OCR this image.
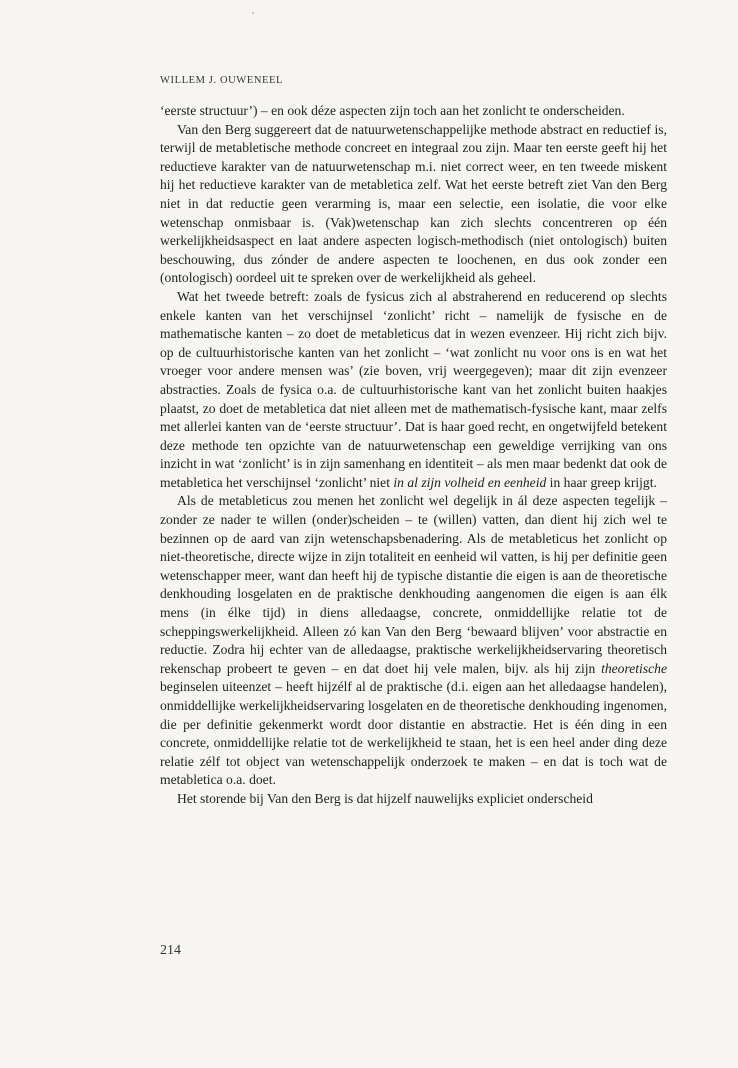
WILLEM J. OUWENEEL

‘eerste structuur’) – en ook déze aspecten zijn toch aan het zonlicht te onderscheiden.

Van den Berg suggereert dat de natuurwetenschappelijke methode abstract en reductief is, terwijl de metabletische methode concreet en integraal zou zijn. Maar ten eerste geeft hij het reductieve karakter van de natuurwetenschap m.i. niet correct weer, en ten tweede miskent hij het reductieve karakter van de metabletica zelf. Wat het eerste betreft ziet Van den Berg niet in dat reductie geen verarming is, maar een selectie, een isolatie, die voor elke wetenschap onmisbaar is. (Vak)wetenschap kan zich slechts concentreren op één werkelijkheidsaspect en laat andere aspecten logisch-methodisch (niet ontologisch) buiten beschouwing, dus zónder de andere aspecten te loochenen, en dus ook zonder een (ontologisch) oordeel uit te spreken over de werkelijkheid als geheel.

Wat het tweede betreft: zoals de fysicus zich al abstraherend en reducerend op slechts enkele kanten van het verschijnsel ‘zonlicht’ richt – namelijk de fysische en de mathematische kanten – zo doet de metableticus dat in wezen evenzeer. Hij richt zich bijv. op de cultuurhistorische kanten van het zonlicht – ‘wat zonlicht nu voor ons is en wat het vroeger voor andere mensen was’ (zie boven, vrij weergegeven); maar dit zijn evenzeer abstracties. Zoals de fysica o.a. de cultuurhistorische kant van het zonlicht buiten haakjes plaatst, zo doet de metabletica dat niet alleen met de mathematisch-fysische kant, maar zelfs met allerlei kanten van de ‘eerste structuur’. Dat is haar goed recht, en ongetwijfeld betekent deze methode ten opzichte van de natuurwetenschap een geweldige verrijking van ons inzicht in wat ‘zonlicht’ is in zijn samenhang en identiteit – als men maar bedenkt dat ook de metabletica het verschijnsel ‘zonlicht’ niet in al zijn volheid en eenheid in haar greep krijgt.

Als de metableticus zou menen het zonlicht wel degelijk in ál deze aspecten tegelijk – zonder ze nader te willen (onder)scheiden – te (willen) vatten, dan dient hij zich wel te bezinnen op de aard van zijn wetenschapsbenadering. Als de metableticus het zonlicht op niet-theoretische, directe wijze in zijn totaliteit en eenheid wil vatten, is hij per definitie geen wetenschapper meer, want dan heeft hij de typische distantie die eigen is aan de theoretische denkhouding losgelaten en de praktische denkhouding aangenomen die eigen is aan élk mens (in élke tijd) in diens alledaagse, concrete, onmiddellijke relatie tot de scheppingswerkelijkheid. Alleen zó kan Van den Berg ‘bewaard blijven’ voor abstractie en reductie. Zodra hij echter van de alledaagse, praktische werkelijkheidservaring theoretisch rekenschap probeert te geven – en dat doet hij vele malen, bijv. als hij zijn theoretische beginselen uiteenzet – heeft hijzélf al de praktische (d.i. eigen aan het alledaagse handelen), onmiddellijke werkelijkheidservaring losgelaten en de theoretische denkhouding ingenomen, die per definitie gekenmerkt wordt door distantie en abstractie. Het is één ding in een concrete, onmiddellijke relatie tot de werkelijkheid te staan, het is een heel ander ding deze relatie zélf tot object van wetenschappelijk onderzoek te maken – en dat is toch wat de metabletica o.a. doet.

Het storende bij Van den Berg is dat hijzelf nauwelijks expliciet onderscheid

214
